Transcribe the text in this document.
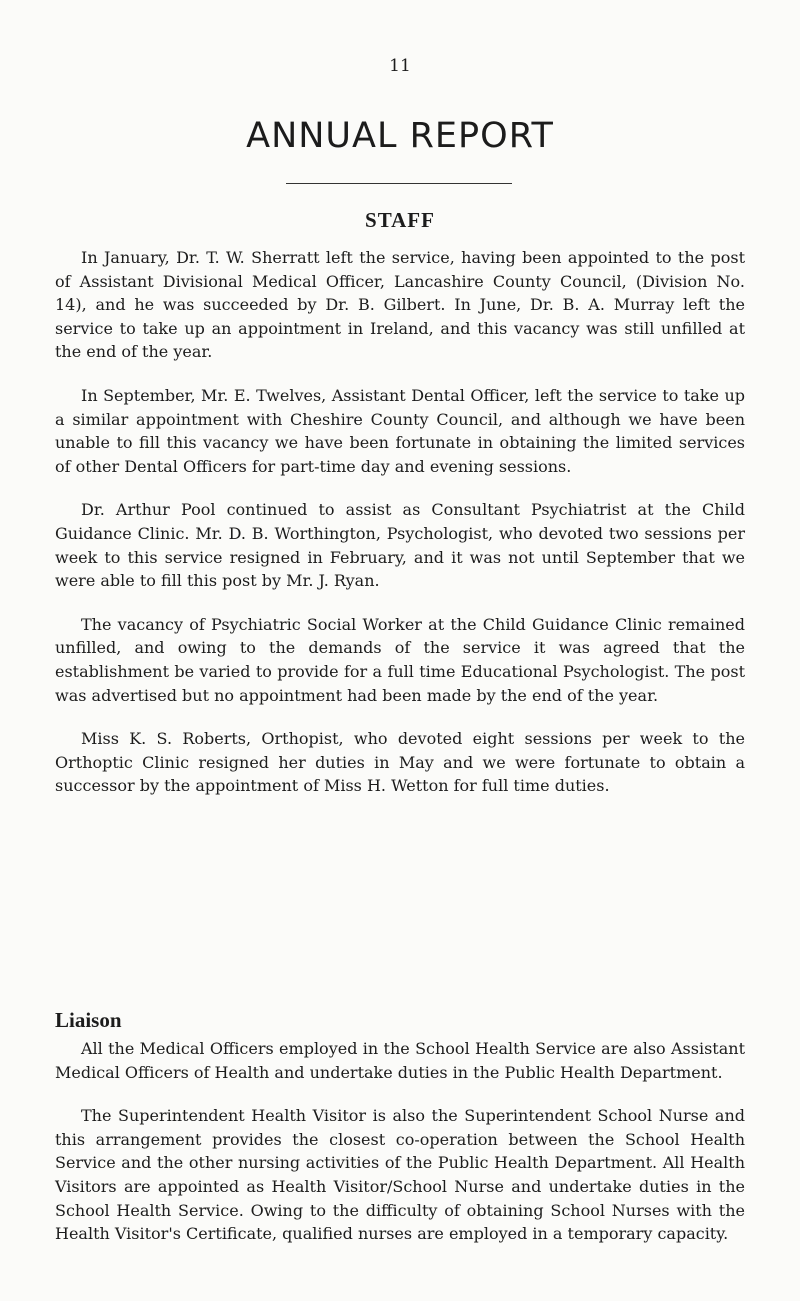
11
ANNUAL REPORT
STAFF

In January, Dr. T. W. Sherratt left the service, having been appointed to the post of Assistant Divisional Medical Officer, Lancashire County Council, (Division No. 14), and he was succeeded by Dr. B. Gilbert. In June, Dr. B. A. Murray left the service to take up an appointment in Ireland, and this vacancy was still unfilled at the end of the year.

In September, Mr. E. Twelves, Assistant Dental Officer, left the service to take up a similar appointment with Cheshire County Council, and although we have been unable to fill this vacancy we have been fortunate in obtaining the limited services of other Dental Officers for part-time day and evening sessions.

Dr. Arthur Pool continued to assist as Consultant Psychiatrist at the Child Guidance Clinic. Mr. D. B. Worthington, Psychologist, who devoted two sessions per week to this service resigned in February, and it was not until September that we were able to fill this post by Mr. J. Ryan.

The vacancy of Psychiatric Social Worker at the Child Guidance Clinic remained unfilled, and owing to the demands of the service it was agreed that the establishment be varied to provide for a full time Educational Psychologist. The post was advertised but no appointment had been made by the end of the year.

Miss K. S. Roberts, Orthopist, who devoted eight sessions per week to the Orthoptic Clinic resigned her duties in May and we were fortunate to obtain a successor by the appointment of Miss H. Wetton for full time duties.

Liaison

All the Medical Officers employed in the School Health Service are also Assistant Medical Officers of Health and undertake duties in the Public Health Department.

The Superintendent Health Visitor is also the Superintendent School Nurse and this arrangement provides the closest co-operation between the School Health Service and the other nursing activities of the Public Health Department. All Health Visitors are appointed as Health Visitor/School Nurse and undertake duties in the School Health Service. Owing to the difficulty of obtaining School Nurses with the Health Visitor's Certificate, qualified nurses are employed in a temporary capacity.
